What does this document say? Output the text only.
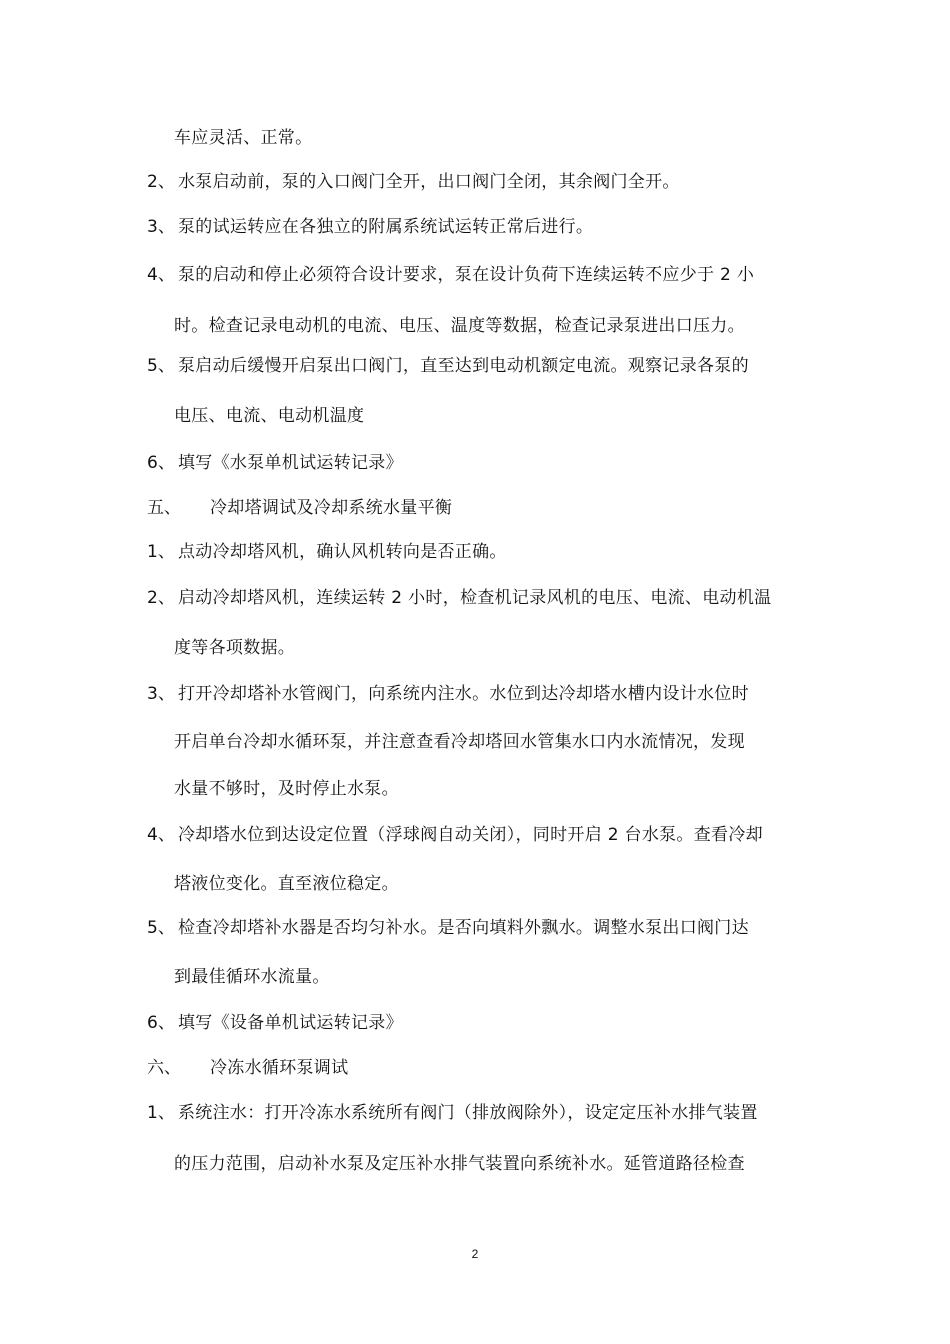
车应灵活、正常。
2、 水泵启动前，泵的入口阀门全开，出口阀门全闭，其余阀门全开。
3、 泵的试运转应在各独立的附属系统试运转正常后进行。
4、 泵的启动和停止必须符合设计要求，泵在设计负荷下连续运转不应少于 2 小
时。检查记录电动机的电流、电压、温度等数据，检查记录泵进出口压力。
5、 泵启动后缓慢开启泵出口阀门，直至达到电动机额定电流。观察记录各泵的
电压、电流、电动机温度
6、 填写《水泵单机试运转记录》
五、 冷却塔调试及冷却系统水量平衡
1、 点动冷却塔风机，确认风机转向是否正确。
2、 启动冷却塔风机，连续运转 2 小时，检查机记录风机的电压、电流、电动机温
度等各项数据。
3、 打开冷却塔补水管阀门，向系统内注水。水位到达冷却塔水槽内设计水位时
开启单台冷却水循环泵，并注意查看冷却塔回水管集水口内水流情况，发现
水量不够时，及时停止水泵。
4、 冷却塔水位到达设定位置（浮球阀自动关闭），同时开启 2 台水泵。查看冷却
塔液位变化。直至液位稳定。
5、 检查冷却塔补水器是否均匀补水。是否向填料外飘水。调整水泵出口阀门达
到最佳循环水流量。
6、 填写《设备单机试运转记录》
六、 冷冻水循环泵调试
1、 系统注水：打开冷冻水系统所有阀门（排放阀除外），设定定压补水排气装置
的压力范围，启动补水泵及定压补水排气装置向系统补水。延管道路径检查
2
